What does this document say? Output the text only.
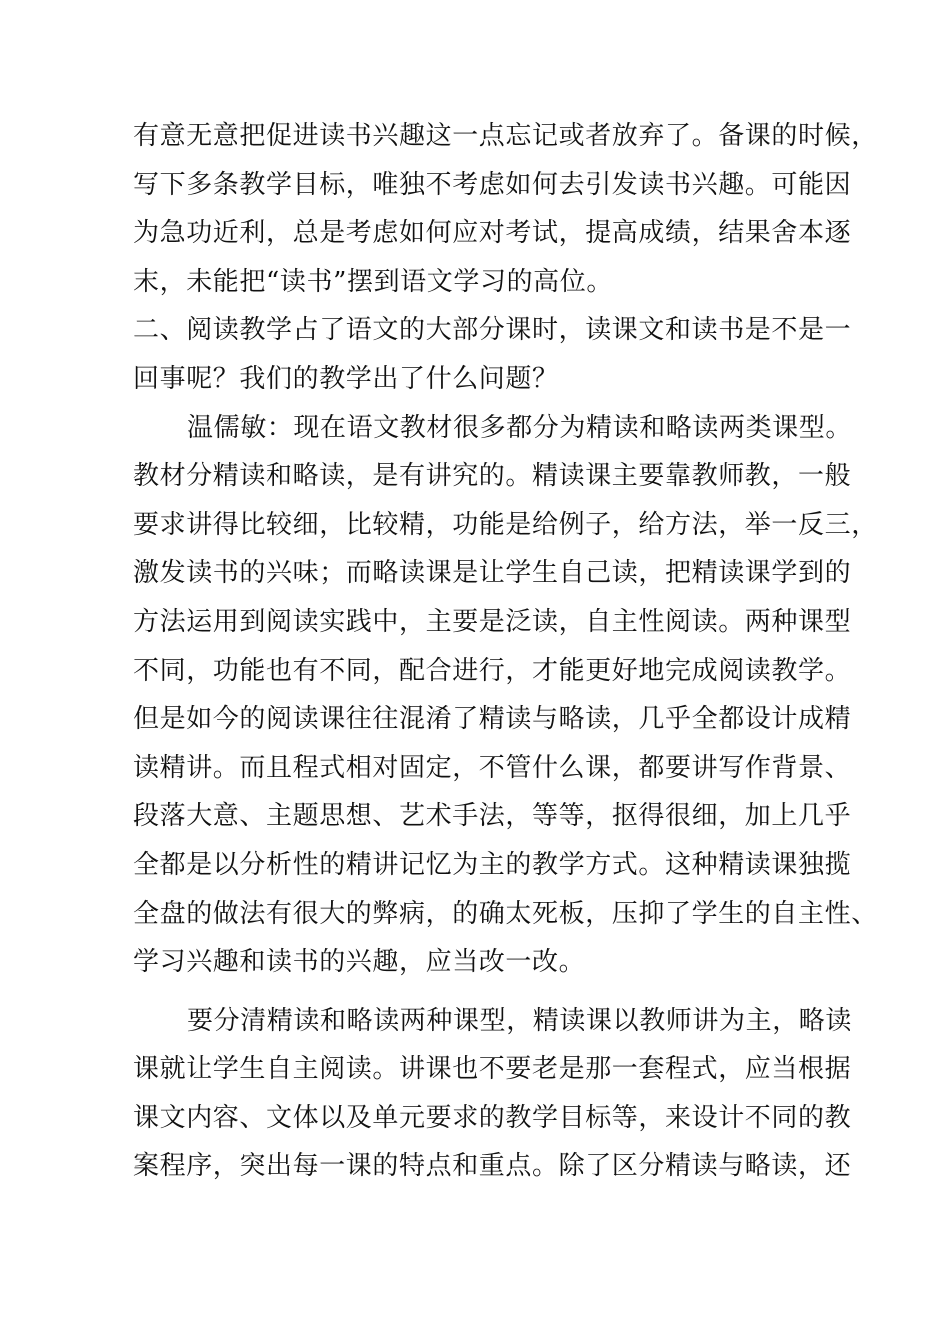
有意无意把促进读书兴趣这一点忘记或者放弃了。备课的时候，
写下多条教学目标，唯独不考虑如何去引发读书兴趣。可能因
为急功近利，总是考虑如何应对考试，提高成绩，结果舍本逐
末，未能把“读书”摆到语文学习的高位。
二、阅读教学占了语文的大部分课时，读课文和读书是不是一
回事呢？我们的教学出了什么问题？
温儒敏：现在语文教材很多都分为精读和略读两类课型。
教材分精读和略读，是有讲究的。精读课主要靠教师教，一般
要求讲得比较细，比较精，功能是给例子，给方法，举一反三，
激发读书的兴味；而略读课是让学生自己读，把精读课学到的
方法运用到阅读实践中，主要是泛读，自主性阅读。两种课型
不同，功能也有不同，配合进行，才能更好地完成阅读教学。
但是如今的阅读课往往混淆了精读与略读，几乎全都设计成精
读精讲。而且程式相对固定，不管什么课，都要讲写作背景、
段落大意、主题思想、艺术手法，等等，抠得很细，加上几乎
全都是以分析性的精讲记忆为主的教学方式。这种精读课独揽
全盘的做法有很大的弊病，的确太死板，压抑了学生的自主性、
学习兴趣和读书的兴趣，应当改一改。
要分清精读和略读两种课型，精读课以教师讲为主，略读
课就让学生自主阅读。讲课也不要老是那一套程式，应当根据
课文内容、文体以及单元要求的教学目标等，来设计不同的教
案程序，突出每一课的特点和重点。除了区分精读与略读，还
